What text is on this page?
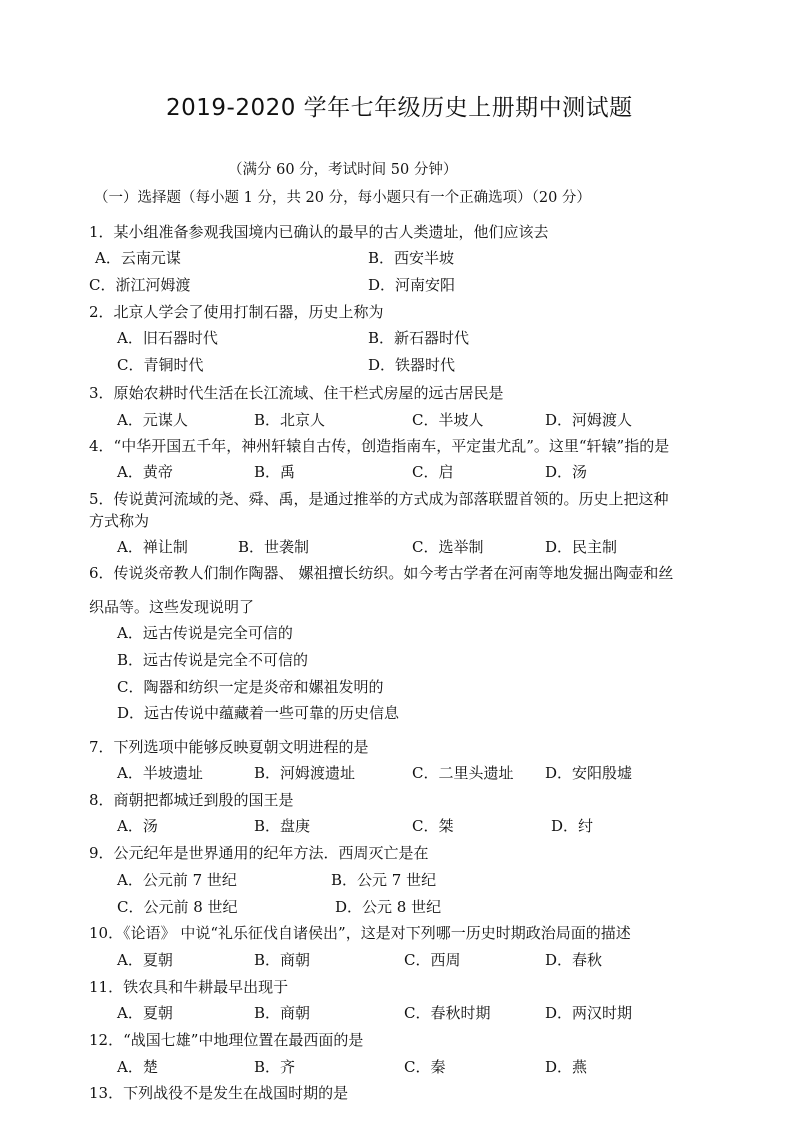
2019-2020 学年七年级历史上册期中测试题
（满分 60 分，考试时间 50 分钟）
（一）选择题（每小题 1 分，共 20 分，每小题只有一个正确选项）（20 分）
1．某小组准备参观我国境内已确认的最早的古人类遗址，他们应该去
A．云南元谋	B．西安半坡
C．浙江河姆渡	D．河南安阳
2．北京人学会了使用打制石器，历史上称为
A．旧石器时代	B．新石器时代
C．青铜时代	D．铁器时代
3．原始农耕时代生活在长江流域、住干栏式房屋的远古居民是
A．元谋人	B．北京人	C．半坡人	D．河姆渡人
4．“中华开国五千年，神州轩辕自古传，创造指南车，平定蚩尤乱”。这里“轩辕”指的是
A．黄帝	B．禹	C．启	D．汤
5．传说黄河流域的尧、舜、禹，是通过推举的方式成为部落联盟首领的。历史上把这种
方式称为
A．禅让制	B．世袭制	C．选举制	D．民主制
6．传说炎帝教人们制作陶器、 嫘祖擅长纺织。如今考古学者在河南等地发掘出陶壶和丝
织品等。这些发现说明了
A．远古传说是完全可信的
B．远古传说是完全不可信的
C．陶器和纺织一定是炎帝和嫘祖发明的
D．远古传说中蕴藏着一些可靠的历史信息
7．下列选项中能够反映夏朝文明进程的是
A．半坡遗址	B．河姆渡遗址	C．二里头遗址 D．安阳殷墟
8．商朝把都城迁到殷的国王是
A．汤	B．盘庚	C．桀	D．纣
9．公元纪年是世界通用的纪年方法．西周灭亡是在
A．公元前 7 世纪	B．公元 7 世纪
C．公元前 8 世纪	D．公元 8 世纪
10．《论语》 中说“礼乐征伐自诸侯出”，这是对下列哪一历史时期政治局面的描述
A．夏朝	B．商朝	C．西周	D．春秋
11．铁农具和牛耕最早出现于
A．夏朝	B．商朝	C．春秋时期	D．两汉时期
12．“战国七雄”中地理位置在最西面的是
A．楚	B．齐	C．秦	D．燕
13．下列战役不是发生在战国时期的是
